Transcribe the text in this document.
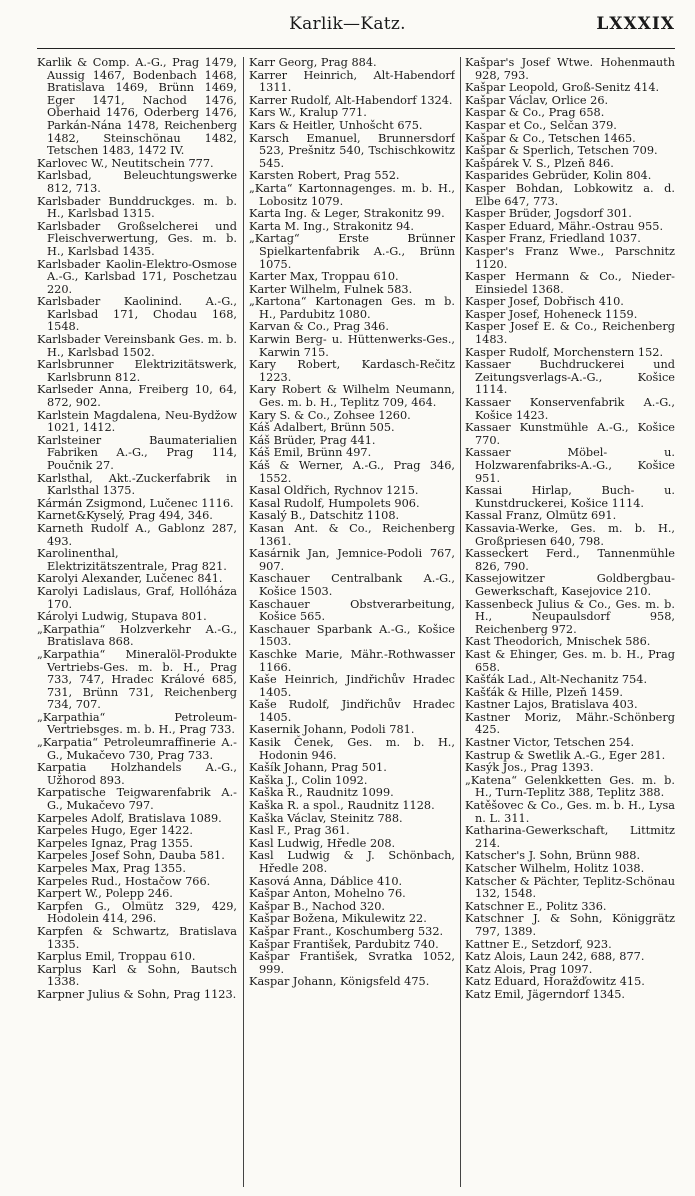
Karlik—Katz.	LXXXIX

Karlik & Comp. A.-G., Prag 1479, Aussig 1467, Bodenbach 1468, Bratislava 1469, Brünn 1469, Eger 1471, Nachod 1476, Oberhaid 1476, Oderberg 1476, Parkán-Nána 1478, Reichenberg 1482, Steinschönau 1482, Tetschen 1483, 1472 IV.

Karlovec W., Neutitschein 777.

Karlsbad, Beleuchtungswerke 812, 713.

Karlsbader Bunddruckges. m. b. H., Karlsbad 1315.

Karlsbader Großselcherei und Fleischverwertung, Ges. m. b. H., Karlsbad 1435.

Karlsbader Kaolin-Elektro-Osmose A.-G., Karlsbad 171, Poschetzau 220.

Karlsbader Kaolinind. A.-G., Karlsbad 171, Chodau 168, 1548.

Karlsbader Vereinsbank Ges. m. b. H., Karlsbad 1502.

Karlsbrunner Elektrizitätswerk, Karlsbrunn 812.

Karlseder Anna, Freiberg 10, 64, 872, 902.

Karlstein Magdalena, Neu-Bydžow 1021, 1412.

Karlsteiner Baumaterialien Fabriken A.-G., Prag 114, Poučnik 27.

Karlsthal, Akt.-Zuckerfabrik in Karlsthal 1375.

Kármán Zsigmond, Lučenec 1116.

Karnet&Kyselý, Prag 494, 346.

Karneth Rudolf A., Gablonz 287, 493.

Karolinenthal, Elektrizitätszentrale, Prag 821.

Karolyi Alexander, Lučenec 841.

Karolyi Ladislaus, Graf, Hollóháza 170.

Károlyi Ludwig, Stupava 801.

„Karpathia“ Holzverkehr A.-G., Bratislava 868.

„Karpathia“ Mineralöl-Produkte Vertriebs-Ges. m. b. H., Prag 733, 747, Hradec Králové 685, 731, Brünn 731, Reichenberg 734, 707.

„Karpathia“ Petroleum-Vertriebsges. m. b. H., Prag 733.

„Karpatia“ Petroleumraffinerie A.-G., Mukačevo 730, Prag 733.

Karpatia Holzhandels A.-G., Užhorod 893.

Karpatische Teigwarenfabrik A.-G., Mukačevo 797.

Karpeles Adolf, Bratislava 1089.

Karpeles Hugo, Eger 1422.

Karpeles Ignaz, Prag 1355.

Karpeles Josef Sohn, Dauba 581.

Karpeles Max, Prag 1355.

Karpeles Rud., Hostačow 766.

Karpert W., Polepp 246.

Karpfen G., Olmütz 329, 429, Hodolein 414, 296.

Karpfen & Schwartz, Bratislava 1335.

Karplus Emil, Troppau 610.

Karplus Karl & Sohn, Bautsch 1338.

Karpner Julius & Sohn, Prag 1123.

Karr Georg, Prag 884.

Karrer Heinrich, Alt-Habendorf 1311.

Karrer Rudolf, Alt-Habendorf 1324.

Kars W., Kralup 771.

Kars & Heitler, Unhošcht 675.

Karsch Emanuel, Brunnersdorf 523, Prešnitz 540, Tschischkowitz 545.

Karsten Robert, Prag 552.

„Karta“ Kartonnagenges. m. b. H., Lobositz 1079.

Karta Ing. & Leger, Strakonitz 99.

Karta M. Ing., Strakonitz 94.

„Kartag“ Erste Brünner Spielkartenfabrik A.-G., Brünn 1075.

Karter Max, Troppau 610.

Karter Wilhelm, Fulnek 583.

„Kartona“ Kartonagen Ges. m b. H., Pardubitz 1080.

Karvan & Co., Prag 346.

Karwin Berg- u. Hüttenwerks-Ges., Karwin 715.

Kary Robert, Kardasch-Rečitz 1223.

Kary Robert & Wilhelm Neumann, Ges. m. b. H., Teplitz 709, 464.

Kary S. & Co., Zohsee 1260.

Káš Adalbert, Brünn 505.

Káš Brüder, Prag 441.

Káš Emil, Brünn 497.

Káš & Werner, A.-G., Prag 346, 1552.

Kasal Oldřich, Rychnov 1215.

Kasal Rudolf, Humpolets 906.

Kasalý B., Datschitz 1108.

Kasan Ant. & Co., Reichenberg 1361.

Kasárnik Jan, Jemnice-Podoli 767, 907.

Kaschauer Centralbank A.-G., Košice 1503.

Kaschauer Obstverarbeitung, Košice 565.

Kaschauer Sparbank A.-G., Košice 1503.

Kaschke Marie, Mähr.-Rothwasser 1166.

Kaše Heinrich, Jindřichův Hradec 1405.

Kaše Rudolf, Jindřichův Hradec 1405.

Kasernik Johann, Podoli 781.

Kasik Čenek, Ges. m. b. H., Hodonin 946.

Kašík Johann, Prag 501.

Kaška J., Colin 1092.

Kaška R., Raudnitz 1099.

Kaška R. a spol., Raudnitz 1128.

Kaška Václav, Steinitz 788.

Kasl F., Prag 361.

Kasl Ludwig, Hředle 208.

Kasl Ludwig & J. Schönbach, Hředle 208.

Kasová Anna, Dáblice 410.

Kašpar Anton, Mohelno 76.

Kašpar B., Nachod 320.

Kašpar Božena, Mikulewitz 22.

Kašpar Frant., Koschumberg 532.

Kašpar František, Pardubitz 740.

Kašpar František, Svratka 1052, 999.

Kaspar Johann, Königsfeld 475.

Kašpar's Josef Wtwe. Hohenmauth 928, 793.

Kašpar Leopold, Groß-Senitz 414.

Kašpar Václav, Orlice 26.

Kaspar & Co., Prag 658.

Kaspar et Co., Selčan 379.

Kašpar & Co., Tetschen 1465.

Kašpar & Sperlich, Tetschen 709.

Kašpárek V. S., Plzeň 846.

Kasparides Gebrüder, Kolin 804.

Kasper Bohdan, Lobkowitz a. d. Elbe 647, 773.

Kasper Brüder, Jogsdorf 301.

Kasper Eduard, Mähr.-Ostrau 955.

Kasper Franz, Friedland 1037.

Kasper's Franz Wwe., Parschnitz 1120.

Kasper Hermann & Co., Nieder-Einsiedel 1368.

Kasper Josef, Dobřisch 410.

Kasper Josef, Hoheneck 1159.

Kasper Josef E. & Co., Reichenberg 1483.

Kasper Rudolf, Morchenstern 152.

Kassaer Buchdruckerei und Zeitungsverlags-A.-G., Košice 1114.

Kassaer Konservenfabrik A.-G., Košice 1423.

Kassaer Kunstmühle A.-G., Košice 770.

Kassaer Möbel- u. Holzwarenfabriks-A.-G., Košice 951.

Kassai Hirlap, Buch- u. Kunstdruckerei, Košice 1114.

Kassal Franz, Olmütz 691.

Kassavia-Werke, Ges. m. b. H., Großpriesen 640, 798.

Kasseckert Ferd., Tannenmühle 826, 790.

Kassejowitzer Goldbergbau-Gewerkschaft, Kasejovice 210.

Kassenbeck Julius & Co., Ges. m. b. H., Neupaulsdorf 958, Reichenberg 972.

Kast Theodorich, Mnischek 586.

Kast & Ehinger, Ges. m. b. H., Prag 658.

Kašťák Lad., Alt-Nechanitz 754.

Kašťák & Hille, Plzeň 1459.

Kastner Lajos, Bratislava 403.

Kastner Moriz, Mähr.-Schönberg 425.

Kastner Victor, Tetschen 254.

Kastrup & Swetlik A.-G., Eger 281.

Kasýk Jos., Prag 1393.

„Katena“ Gelenkketten Ges. m. b. H., Turn-Teplitz 388, Teplitz 388.

Katěšovec & Co., Ges. m. b. H., Lysa n. L. 311.

Katharina-Gewerkschaft, Littmitz 214.

Katscher's J. Sohn, Brünn 988.

Katscher Wilhelm, Holitz 1038.

Katscher & Pächter, Teplitz-Schönau 132, 1548.

Katschner E., Politz 336.

Katschner J. & Sohn, Königgrätz 797, 1389.

Kattner E., Setzdorf, 923.

Katz Alois, Laun 242, 688, 877.

Katz Alois, Prag 1097.

Katz Eduard, Horažďowitz 415.

Katz Emil, Jägerndorf 1345.
